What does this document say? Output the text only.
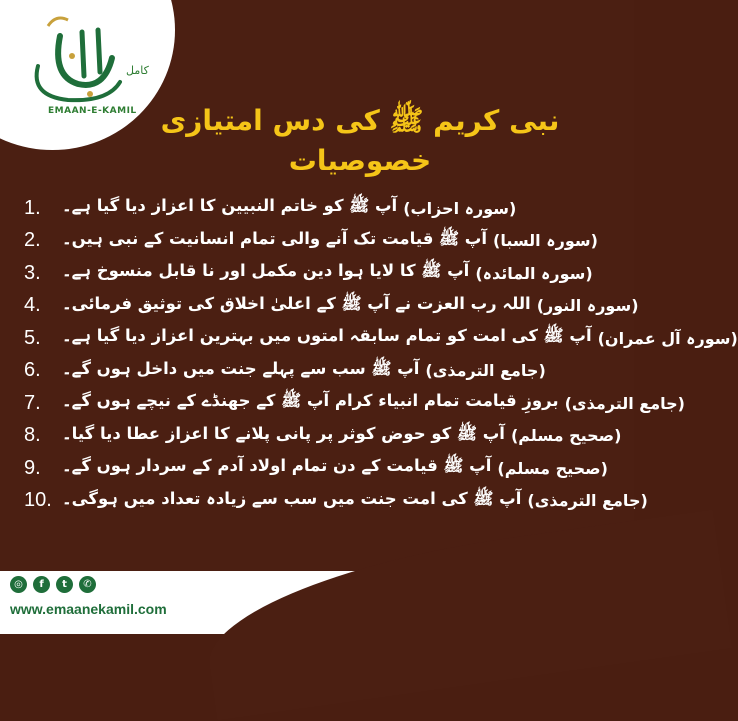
کامل
EMAAN-E-KAMIL نبی کریم ﷺ کی دس امتیازی خصوصیات
1.	آپ ﷺ کو خاتم النبیین کا اعزاز دیا گیا ہے۔ (سورہ احزاب)
2.	آپ ﷺ قیامت تک آنے والی تمام انسانیت کے نبی ہیں۔ (سورہ السبا)
3.	آپ ﷺ کا لایا ہوا دین مکمل اور نا قابل منسوخ ہے۔ (سورہ المائدہ)
4.	اللہ رب العزت نے آپ ﷺ کے اعلیٰ اخلاق کی توثیق فرمائی۔ (سورہ النور)
5.	آپ ﷺ کی امت کو تمام سابقہ امتوں میں بہترین اعزاز دیا گیا ہے۔ (سورہ آل عمران)
6.	آپ ﷺ سب سے پہلے جنت میں داخل ہوں گے۔ (جامع الترمذی)
7.	بروزِ قیامت تمام انبیاء کرام آپ ﷺ کے جھنڈے کے نیچے ہوں گے۔ (جامع الترمذی)
8.	آپ ﷺ کو حوض کوثر پر پانی پلانے کا اعزاز عطا دیا گیا۔ (صحیح مسلم)
9.	آپ ﷺ قیامت کے دن تمام اولاد آدم کے سردار ہوں گے۔ (صحیح مسلم)
10. آپ ﷺ کی امت جنت میں سب سے زیادہ تعداد میں ہوگی۔ (جامع الترمذی)
◎	f	t	✆
www.emaanekamil.com
